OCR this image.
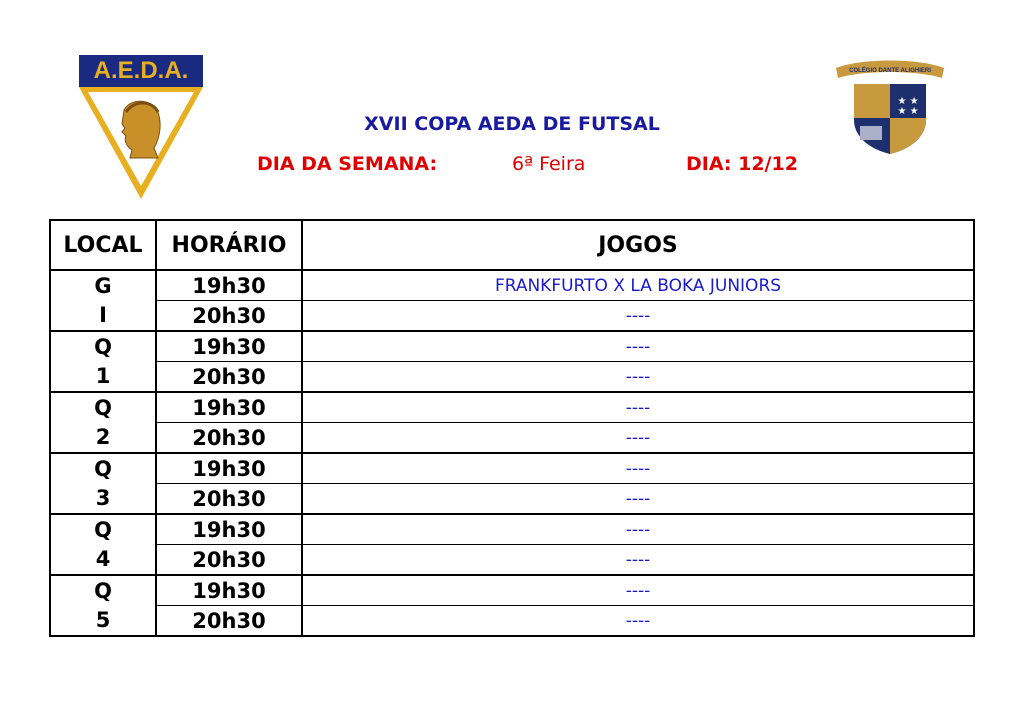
A.E.D.A.
★ ★
★ ★
COLÉGIO DANTE ALIGHIERI
XVII COPA AEDA DE FUTSAL
DIA DA SEMANA:	6ª Feira	DIA: 12/12
LOCAL	HORÁRIO	JOGOS
G	19h30	FRANKFURTO X LA BOKA JUNIORS
I	20h30	----
Q	19h30	----
1	20h30	----
Q	19h30	----
2	20h30	----
Q	19h30	----
3	20h30	----
Q	19h30	----
4	20h30	----
Q	19h30	----
5	20h30	----
